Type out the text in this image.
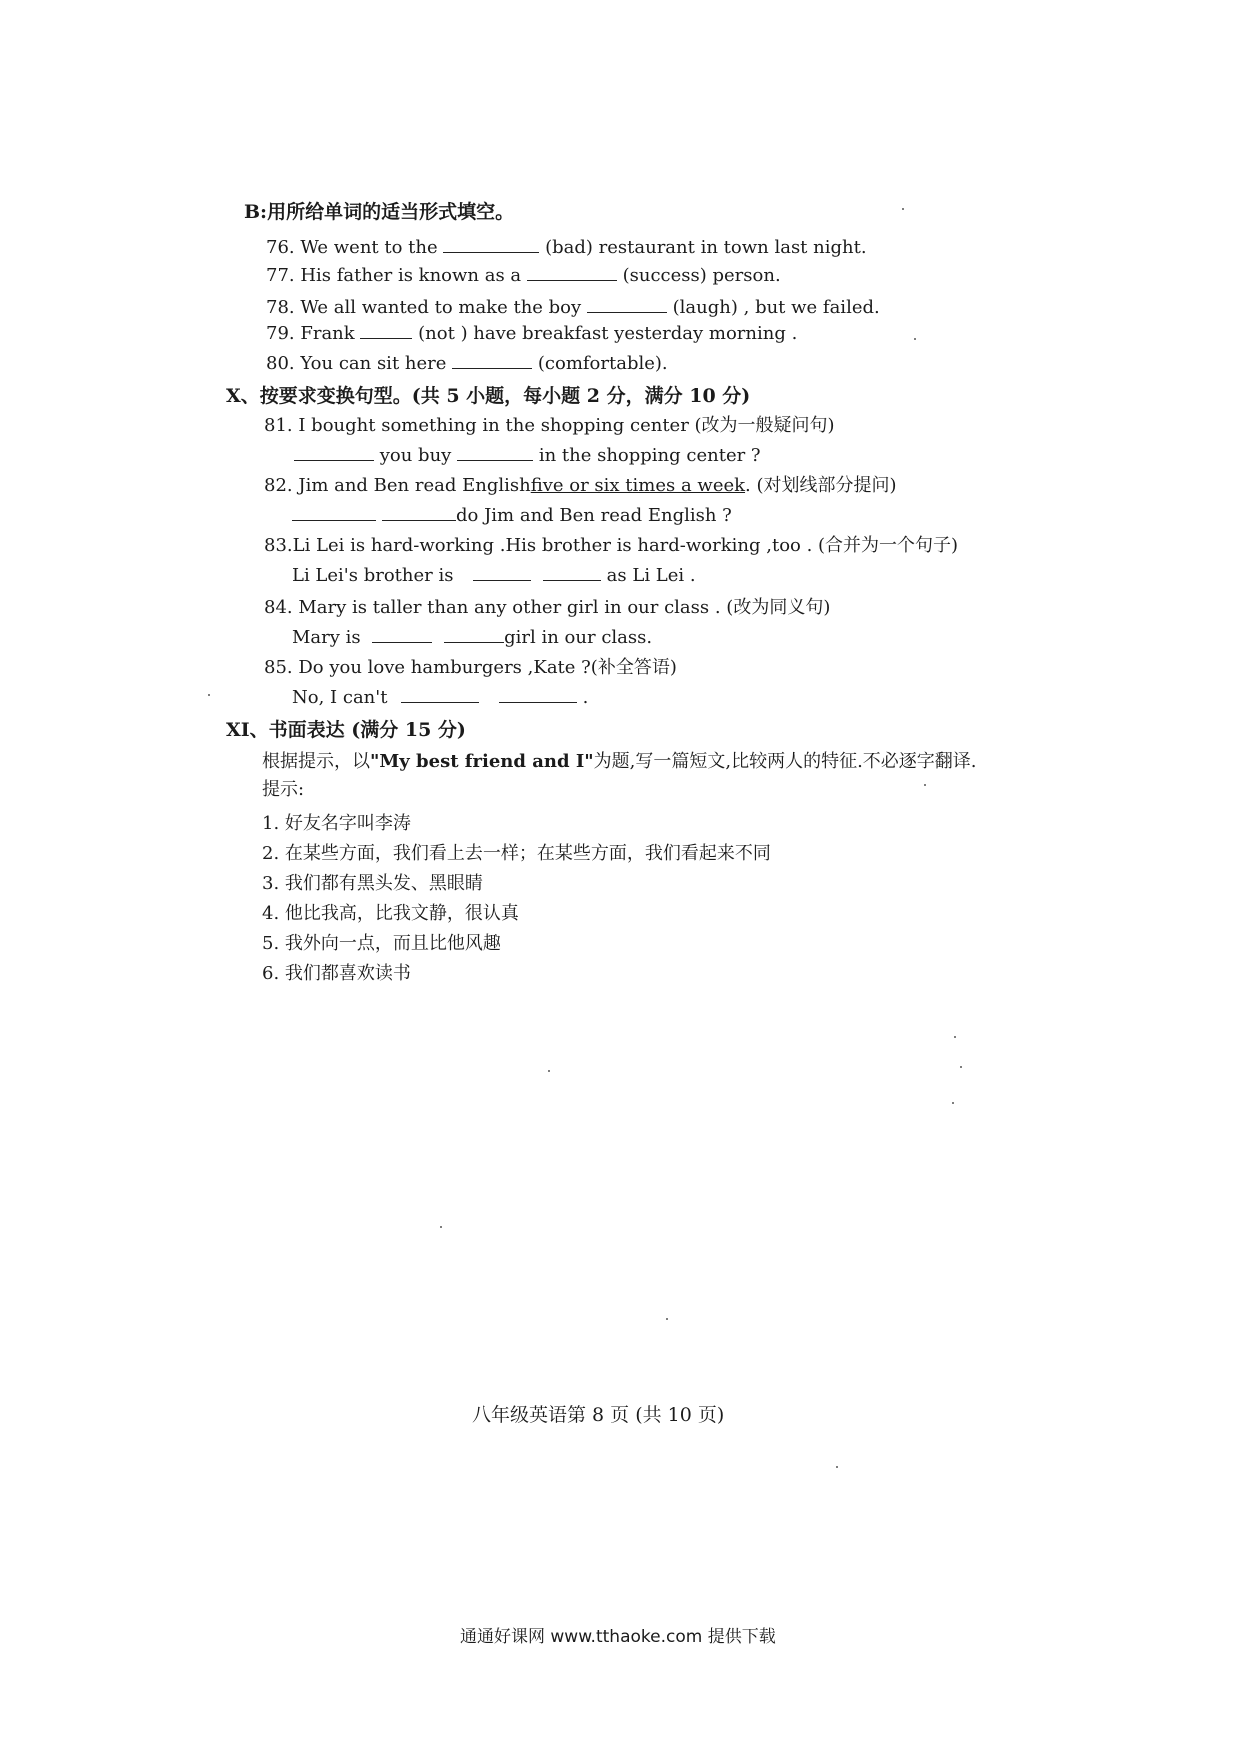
B:用所给单词的适当形式填空。
76. We went to the	(bad) restaurant in town last night.
77. His father is known as a	(success) person.
78. We all wanted to make the boy	(laugh) , but we failed.
79. Frank	(not ) have breakfast yesterday morning .
80. You can sit here	(comfortable).
X、按要求变换句型。(共 5 小题，每小题 2 分，满分 10 分)
81. I bought something in the shopping center (改为一般疑问句)
you buy	in the shopping center ?
82. Jim and Ben read Englishfive or six times a week. (对划线部分提问)
do Jim and Ben read English ?
83.Li Lei is hard-working .His brother is hard-working ,too . (合并为一个句子)
Li Lei's brother is	as Li Lei .
84. Mary is taller than any other girl in our class . (改为同义句)
Mary is	girl in our class.
85. Do you love hamburgers ,Kate ?(补全答语)
No, I can't	.
XI、书面表达 (满分 15 分)
根据提示，以"My best friend and I"为题,写一篇短文,比较两人的特征.不必逐字翻译.
提示:
1. 好友名字叫李涛
2. 在某些方面，我们看上去一样；在某些方面，我们看起来不同
3. 我们都有黑头发、黑眼睛
4. 他比我高，比我文静，很认真
5. 我外向一点，而且比他风趣
6. 我们都喜欢读书
八年级英语第 8 页 (共 10 页)
通通好课网 www.tthaoke.com 提供下载
